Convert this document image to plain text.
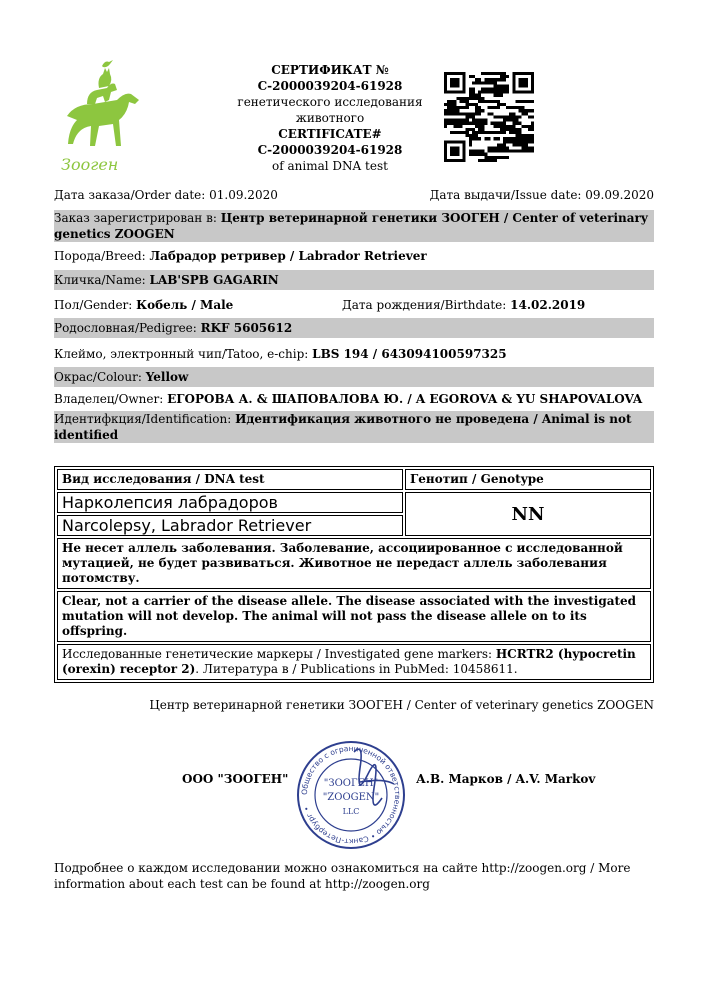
Зооген
СЕРТИФИКАТ №
С-2000039204-61928
генетического исследования
животного
CERTIFICATE#
C-2000039204-61928
of animal DNA test
Дата заказа/Order date: 01.09.2020	Дата выдачи/Issue date: 09.09.2020
Заказ зарегистрирован в: Центр ветеринарной генетики ЗООГЕН / Center of veterinary genetics ZOOGEN
Порода/Breed: Лабрадор ретривер / Labrador Retriever
Кличка/Name: LAB'SPB GAGARIN
Пол/Gender: Кобель / Male	Дата рождения/Birthdate: 14.02.2019
Родословная/Pedigree: RKF 5605612
Клеймо, электронный чип/Tatoo, e-chip: LBS 194 / 643094100597325
Окрас/Colour: Yellow
Владелец/Owner: ЕГОРОВА А. & ШАПОВАЛОВА Ю. / A EGOROVA & YU SHAPOVALOVA
Идентифкция/Identification: Идентификация животного не проведена / Animal is not identified
Вид исследования / DNA test	Генотип / Genotype
Нарколепсия лабрадоров	NN
Narcolepsy, Labrador Retriever	
Не несет аллель заболевания. Заболевание, ассоциированное с исследованной мутацией, не будет развиваться. Животное не передаст аллель заболевания потомству.	
Clear, not a carrier of the disease allele. The disease associated with the investigated mutation will not develop. The animal will not pass the disease allele on to its offspring.	
Исследованные генетические маркеры / Investigated gene markers: HCRTR2 (hypocretin (orexin) receptor 2). Литература в / Publications in PubMed: 10458611.	
Центр ветеринарной генетики ЗООГЕН / Center of veterinary genetics ZOOGEN
Общество с ограниченной ответственностью • Санкт-Петербург •
"ЗООГЕН"
"ZOOGEN"
LLC
ООО "ЗООГЕН"	А.В. Марков / A.V. Markov
Подробнее о каждом исследовании можно ознакомиться на сайте http://zoogen.org / More information about each test can be found at http://zoogen.org
